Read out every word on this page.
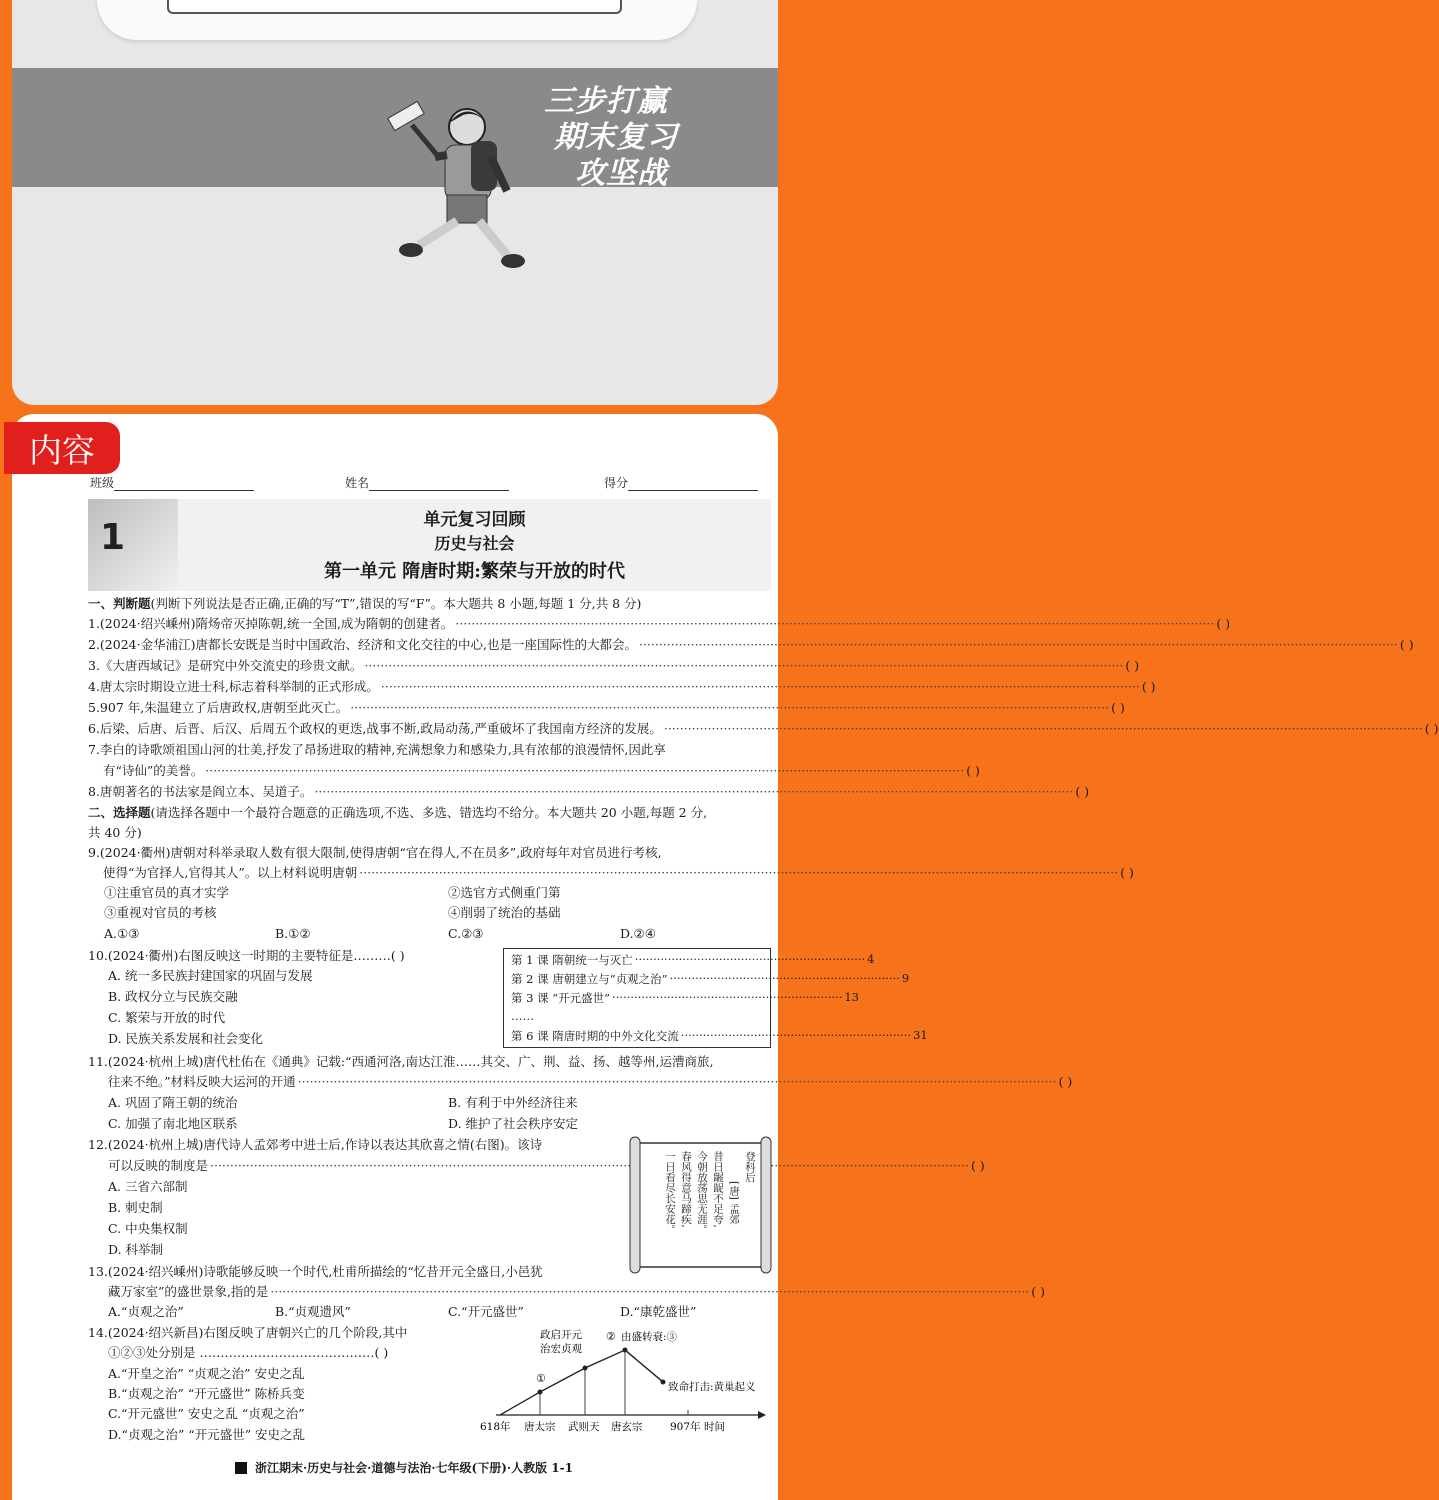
三步打赢
期末复习
攻坚战
内容
班级	姓名	得分
1	单元复习回顾
历史与社会
第一单元 隋唐时期:繁荣与开放的时代
一、判断题(判断下列说法是否正确,正确的写“T”,错误的写“F”。本大题共 8 小题,每题 1 分,共 8 分)
1.(2024·绍兴嵊州)隋炀帝灭掉陈朝,统一全国,成为隋朝的创建者。 ·····	( )
2.(2024·金华浦江)唐都长安既是当时中国政治、经济和文化交往的中心,也是一座国际性的大都会。 ·····	( )
3.《大唐西域记》是研究中外交流史的珍贵文献。 ·····	( )
4.唐太宗时期设立进士科,标志着科举制的正式形成。 ·····	( )
5.907 年,朱温建立了后唐政权,唐朝至此灭亡。 ·····	( )
6.后梁、后唐、后晋、后汉、后周五个政权的更迭,战事不断,政局动荡,严重破坏了我国南方经济的发展。 ·····	( )
7.李白的诗歌颂祖国山河的壮美,抒发了昂扬进取的精神,充满想象力和感染力,具有浓郁的浪漫情怀,因此享
有“诗仙”的美誉。 ·····	( )
8.唐朝著名的书法家是阎立本、吴道子。 ·····	( )
二、选择题(请选择各题中一个最符合题意的正确选项,不选、多选、错选均不给分。本大题共 20 小题,每题 2 分,
共 40 分)
9.(2024·衢州)唐朝对科举录取人数有很大限制,使得唐朝“官在得人,不在员多”,政府每年对官员进行考核,
使得“为官择人,官得其人”。以上材料说明唐朝 ·····	( )
①注重官员的真才实学	②选官方式侧重门第
③重视对官员的考核	④削弱了统治的基础
A.①③	B.①②	C.②③	D.②④
10.(2024·衢州)右图反映这一时期的主要特征是………( )
A. 统一多民族封建国家的巩固与发展
B. 政权分立与民族交融
C. 繁荣与开放的时代
D. 民族关系发展和社会变化
第 1 课 隋朝统一与灭亡 ·····	4
第 2 课 唐朝建立与“贞观之治” ·····	9
第 3 课 “开元盛世” ·····	13
……
第 6 课 隋唐时期的中外文化交流 ·····	31
11.(2024·杭州上城)唐代杜佑在《通典》记载:“西通河洛,南达江淮……其交、广、荆、益、扬、越等州,运漕商旅,
往来不绝。”材料反映大运河的开通 ·····	( )
A. 巩固了隋王朝的统治	B. 有利于中外经济往来
C. 加强了南北地区联系	D. 维护了社会秩序安定
12.(2024·杭州上城)唐代诗人孟郊考中进士后,作诗以表达其欣喜之情(右图)。该诗
可以反映的制度是 ·····	( )
A. 三省六部制
B. 刺史制
C. 中央集权制
D. 科举制
登科后
[唐] 孟郊
昔日龌龊不足夸,
今朝放荡思无涯。
春风得意马蹄疾,
一日看尽长安花。
13.(2024·绍兴嵊州)诗歌能够反映一个时代,杜甫所描绘的“忆昔开元全盛日,小邑犹
藏万家室”的盛世景象,指的是 ·····	( )
A.“贞观之治”	B.“贞观遗风”	C.“开元盛世”	D.“康乾盛世”
14.(2024·绍兴新昌)右图反映了唐朝兴亡的几个阶段,其中
①②③处分别是 ……………………………………( )
A.“开皇之治” “贞观之治” 安史之乱
B.“贞观之治” “开元盛世” 陈桥兵变
C.“开元盛世” 安史之乱 “贞观之治”
D.“贞观之治” “开元盛世” 安史之乱
①
政启开元
治宏贞观
② 由盛转衰:③
致命打击:黄巢起义
618年 唐太宗 武则天 唐玄宗	907年 时间
浙江期末·历史与社会·道德与法治·七年级(下册)·人教版 1-1
